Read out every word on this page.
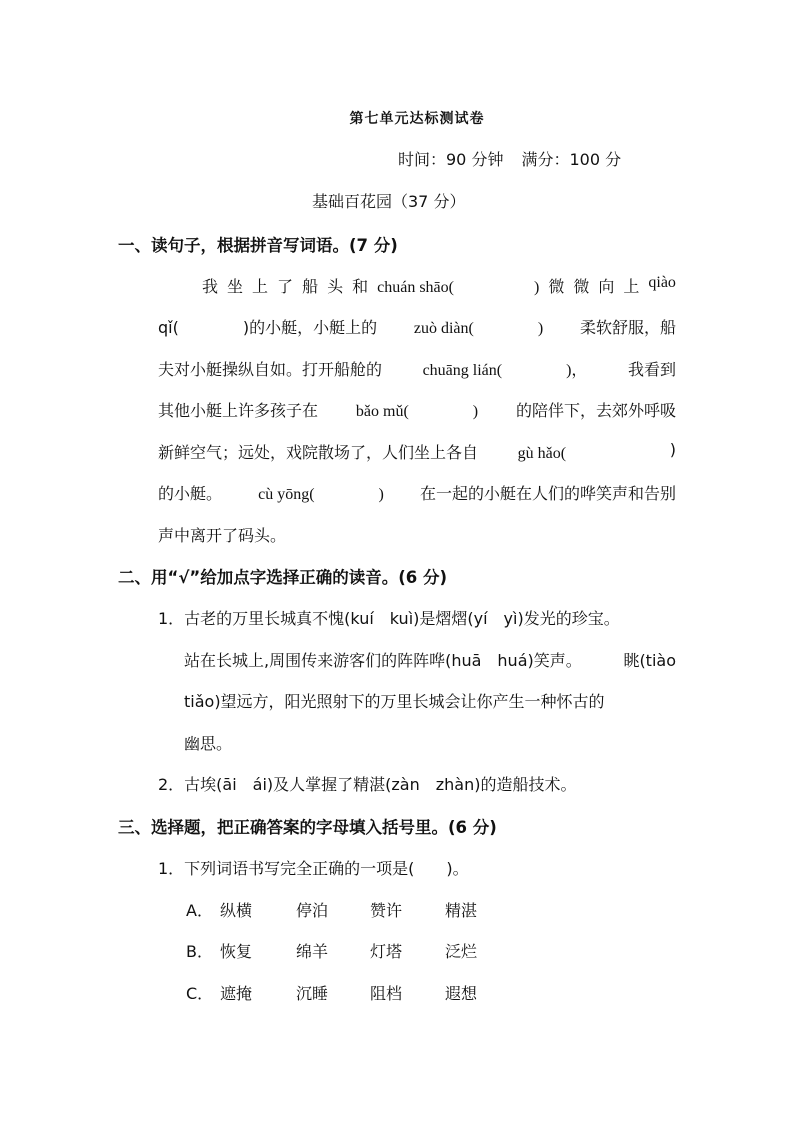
第七单元达标测试卷
时间：90 分钟 满分：100 分
基础百花园（37 分）
一、读句子，根据拼音写词语。(7 分)
我 坐 上 了 船 头 和 chuán shāo(　　　　　) 微 微 向 上 qiào
qǐ(　　　　)的小艇，小艇上的 zuò diàn(　　　　) 柔软舒服，船
夫对小艇操纵自如。打开船舱的	chuāng lián(　　　　)，	我看到
其他小艇上许多孩子在 bǎo mǔ(　　　　) 的陪伴下，去郊外呼吸
新鲜空气；远处，戏院散场了，人们坐上各自 gù hǎo(　　　　 )
的小艇。 cù yōng(　　　　) 在一起的小艇在人们的哗笑声和告别
声中离开了码头。
二、用“√”给加点字选择正确的读音。(6 分)
1．古老的万里长城真不愧(kuí　kuì)是熠熠(yí　yì)发光的珍宝。
站在长城上,周围传来游客们的阵阵哗(huā　huá)笑声。	眺(tiào
tiǎo)望远方，阳光照射下的万里长城会让你产生一种怀古的
幽思。
2．古埃(āi　ái)及人掌握了精湛(zàn　zhàn)的造船技术。
三、选择题，把正确答案的字母填入括号里。(6 分)
1．下列词语书写完全正确的一项是(　　)。
A． 纵横	停泊	赞许	精湛
B． 恢复	绵羊	灯塔	泛烂
C． 遮掩	沉睡	阻档	遐想
